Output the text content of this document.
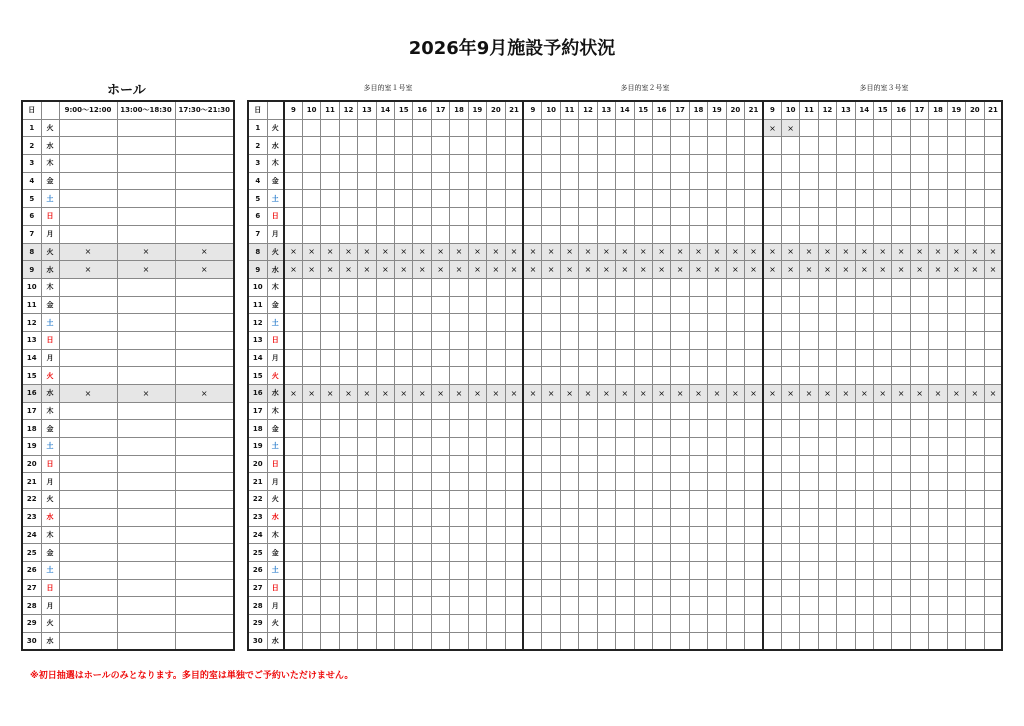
2026年9月施設予約状況
ホール	多目的室１号室	多目的室２号室	多目的室３号室
日		9:00～12:00	13:00～18:30	17:30～21:30
1	火			
2	水			
3	木			
4	金			
5	土			
6	日			
7	月			
8	火	×	×	×
9	水	×	×	×
10	木			
11	金			
12	土			
13	日			
14	月			
15	火			
16	水	×	×	×
17	木			
18	金			
19	土			
20	日			
21	月			
22	火			
23	水			
24	木			
25	金			
26	土			
27	日			
28	月			
29	火			
30	水			
日		9	10	11	12	13	14	15	16	17	18	19	20	21	9	10	11	12	13	14	15	16	17	18	19	20	21	9	10	11	12	13	14	15	16	17	18	19	20	21
1	火																											×	×											
2	水																																							
3	木																																							
4	金																																							
5	土																																							
6	日																																							
7	月																																							
8	火	×	×	×	×	×	×	×	×	×	×	×	×	×	×	×	×	×	×	×	×	×	×	×	×	×	×	×	×	×	×	×	×	×	×	×	×	×	×	×
9	水	×	×	×	×	×	×	×	×	×	×	×	×	×	×	×	×	×	×	×	×	×	×	×	×	×	×	×	×	×	×	×	×	×	×	×	×	×	×	×
10	木																																							
11	金																																							
12	土																																							
13	日																																							
14	月																																							
15	火																																							
16	水	×	×	×	×	×	×	×	×	×	×	×	×	×	×	×	×	×	×	×	×	×	×	×	×	×	×	×	×	×	×	×	×	×	×	×	×	×	×	×
17	木																																							
18	金																																							
19	土																																							
20	日																																							
21	月																																							
22	火																																							
23	水																																							
24	木																																							
25	金																																							
26	土																																							
27	日																																							
28	月																																							
29	火																																							
30	水																																							
※初日抽選はホールのみとなります。多目的室は単独でご予約いただけません。
